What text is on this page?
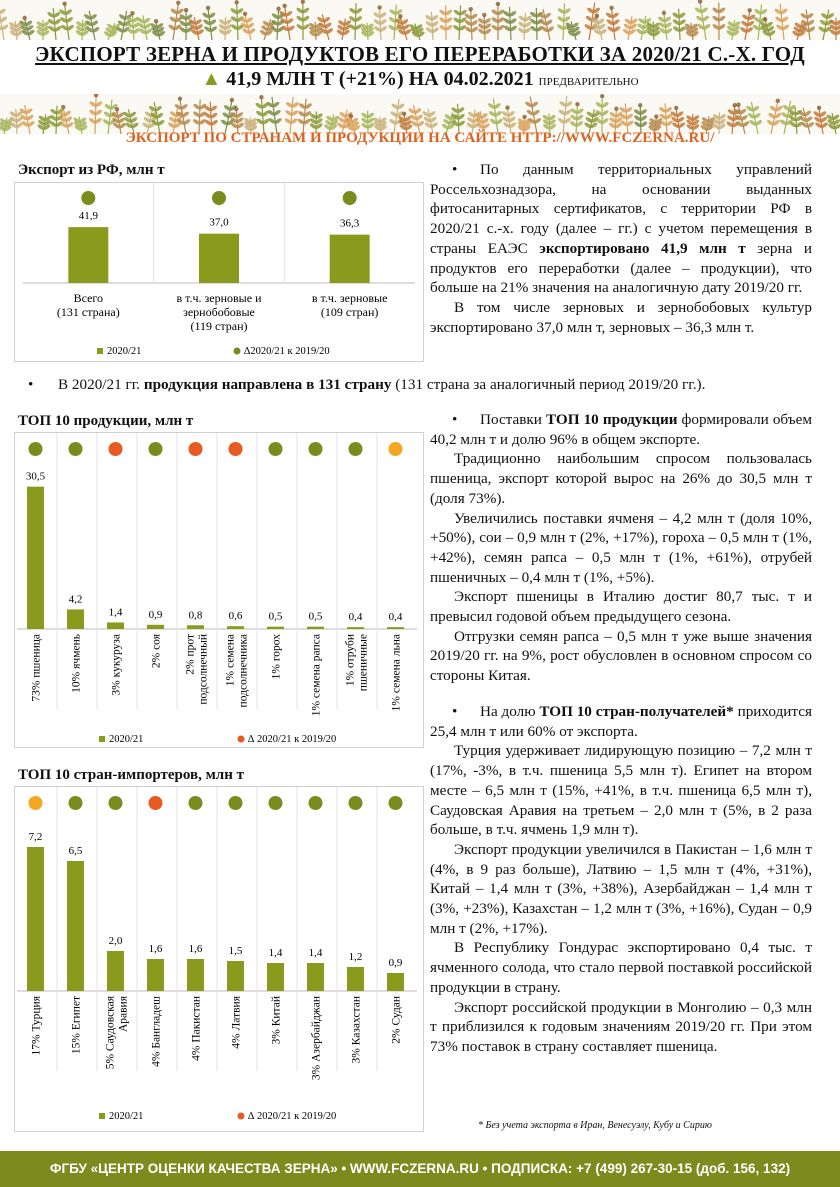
ЭКСПОРТ ЗЕРНА И ПРОДУКТОВ ЕГО ПЕРЕРАБОТКИ ЗА 2020/21 С.-Х. ГОД
▲ 41,9 МЛН Т (+21%) НА 04.02.2021 ПРЕДВАРИТЕЛЬНО
ЭКСПОРТ ПО СТРАНАМ И ПРОДУКЦИИ НА САЙТЕ HTTP://WWW.FCZERNA.RU/
Экспорт из РФ, млн т
41,9
Всего (131 страна)
37,0
в т.ч. зерновые и зернобобовые (119 стран)
36,3
в т.ч. зерновые (109 стран)
2020/21	∆2020/21 к 2019/20

• По данным территориальных управлений Россельхознадзора, на основании выданных фитосанитарных сертификатов, с территории РФ в 2020/21 с.-х. году (далее – гг.) с учетом перемещения в страны ЕАЭС экспортировано 41,9 млн т зерна и продуктов его переработки (далее – продукции), что больше на 21% значения на аналогичную дату 2019/20 гг.

В том числе зерновых и зернобобовых культур экспортировано 37,0 млн т, зерновых – 36,3 млн т.

• В 2020/21 гг. продукция направлена в 131 страну (131 страна за аналогичный период 2019/20 гг.).
ТОП 10 продукции, млн т
30,5
73% пшеница
4,2
10% ячмень
1,4
3% кукуруза
0,9
2% соя
0,8
2% протподсолнечный
0,6
1% семенаподсолнечника
0,5
1% горох
0,5
1% семена рапса
0,4
1% отрубипшеничные
0,4
1% семена льна
2020/21	∆ 2020/21 к 2019/20

• Поставки ТОП 10 продукции формировали объем 40,2 млн т и долю 96% в общем экспорте.

Традиционно наибольшим спросом пользовалась пшеница, экспорт которой вырос на 26% до 30,5 млн т (доля 73%).

Увеличились поставки ячменя – 4,2 млн т (доля 10%, +50%), сои – 0,9 млн т (2%, +17%), гороха – 0,5 млн т (1%, +42%), семян рапса – 0,5 млн т (1%, +61%), отрубей пшеничных – 0,4 млн т (1%, +5%).

Экспорт пшеницы в Италию достиг 80,7 тыс. т и превысил годовой объем предыдущего сезона.

Отгрузки семян рапса – 0,5 млн т уже выше значения 2019/20 гг. на 9%, рост обусловлен в основном спросом со стороны Китая.

ТОП 10 стран-импортеров, млн т
7,2
17% Турция
6,5
15% Египет
2,0
5% СаудовскаяАравия
1,6
4% Бангладеш
1,6
4% Пакистан
1,5
4% Латвия
1,4
3% Китай
1,4
3% Азербайджан
1,2
3% Казахстан
0,9
2% Судан
2020/21	∆ 2020/21 к 2019/20

• На долю ТОП 10 стран-получателей* приходится 25,4 млн т или 60% от экспорта.

Турция удерживает лидирующую позицию – 7,2 млн т (17%, -3%, в т.ч. пшеница 5,5 млн т). Египет на втором месте – 6,5 млн т (15%, +41%, в т.ч. пшеница 6,5 млн т), Саудовская Аравия на третьем – 2,0 млн т (5%, в 2 раза больше, в т.ч. ячмень 1,9 млн т).

Экспорт продукции увеличился в Пакистан – 1,6 млн т (4%, в 9 раз больше), Латвию – 1,5 млн т (4%, +31%), Китай – 1,4 млн т (3%, +38%), Азербайджан – 1,4 млн т (3%, +23%), Казахстан – 1,2 млн т (3%, +16%), Судан – 0,9 млн т (2%, +17%).

В Республику Гондурас экспортировано 0,4 тыс. т ячменного солода, что стало первой поставкой российской продукции в страну.

Экспорт российской продукции в Монголию – 0,3 млн т приблизился к годовым значениям 2019/20 гг. При этом 73% поставок в страну составляет пшеница.

* Без учета экспорта в Иран, Венесуэлу, Кубу и Сирию
ФГБУ «ЦЕНТР ОЦЕНКИ КАЧЕСТВА ЗЕРНА» • WWW.FCZERNA.RU • ПОДПИСКА: +7 (499) 267-30-15 (доб. 156, 132)
